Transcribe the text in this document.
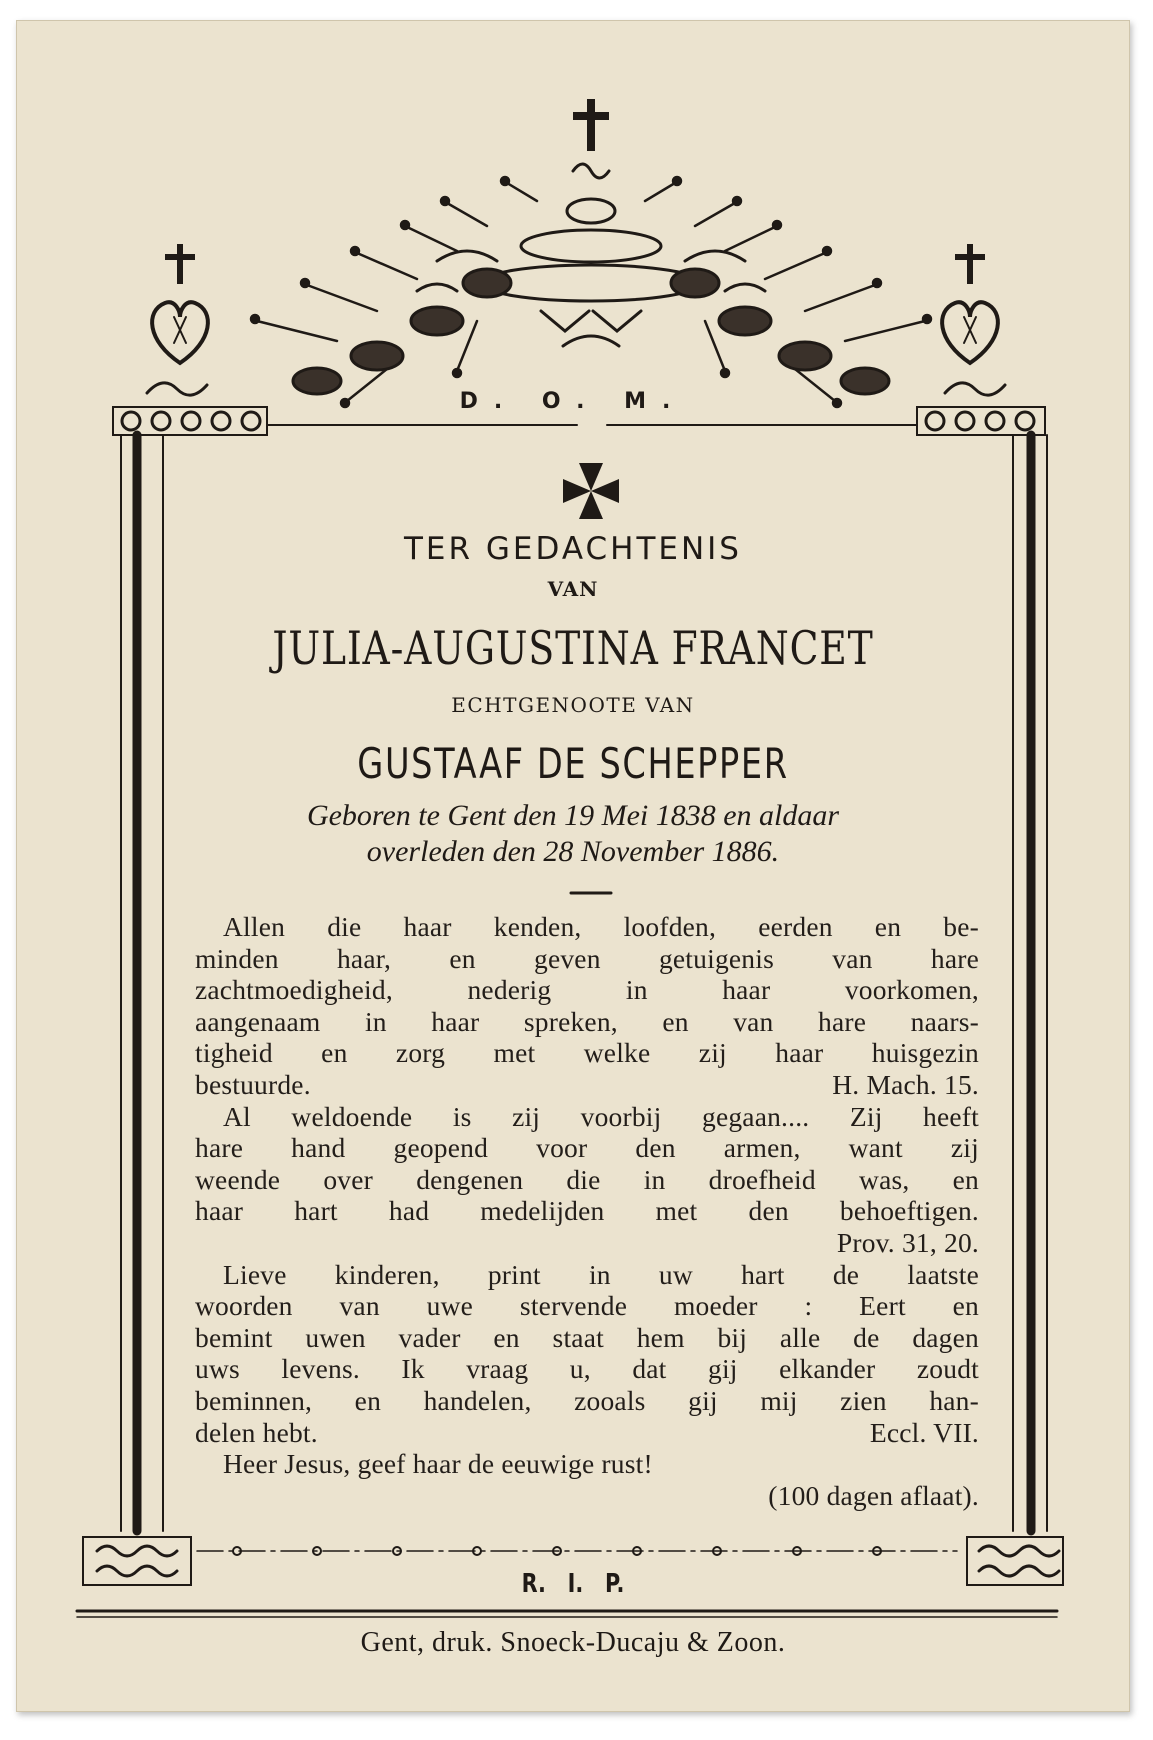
D. O. M.
TER GEDACHTENIS
VAN
JULIA-AUGUSTINA FRANCET
ECHTGENOOTE VAN
GUSTAAF DE SCHEPPER
Geboren te Gent den 19 Mei 1838 en aldaar
overleden den 28 November 1886.

Allen die haar kenden, loofden, eerden en be-

minden haar, en geven getuigenis van hare

zachtmoedigheid, nederig in haar voorkomen,

aangenaam in haar spreken, en van hare naars-

tigheid en zorg met welke zij haar huisgezin

bestuurde.	H. Mach. 15.

Al weldoende is zij voorbij gegaan.... Zij heeft

hare hand geopend voor den armen, want zij

weende over dengenen die in droefheid was, en

haar hart had medelijden met den behoeftigen.

Prov. 31, 20.

Lieve kinderen, print in uw hart de laatste

woorden van uwe stervende moeder : Eert en

bemint uwen vader en staat hem bij alle de dagen

uws levens. Ik vraag u, dat gij elkander zoudt

beminnen, en handelen, zooals gij mij zien han-

delen hebt.	Eccl. VII.
Heer Jesus, geef haar de eeuwige rust!
(100 dagen aflaat).
R.   I.   P.
Gent, druk. Snoeck-Ducaju & Zoon.
